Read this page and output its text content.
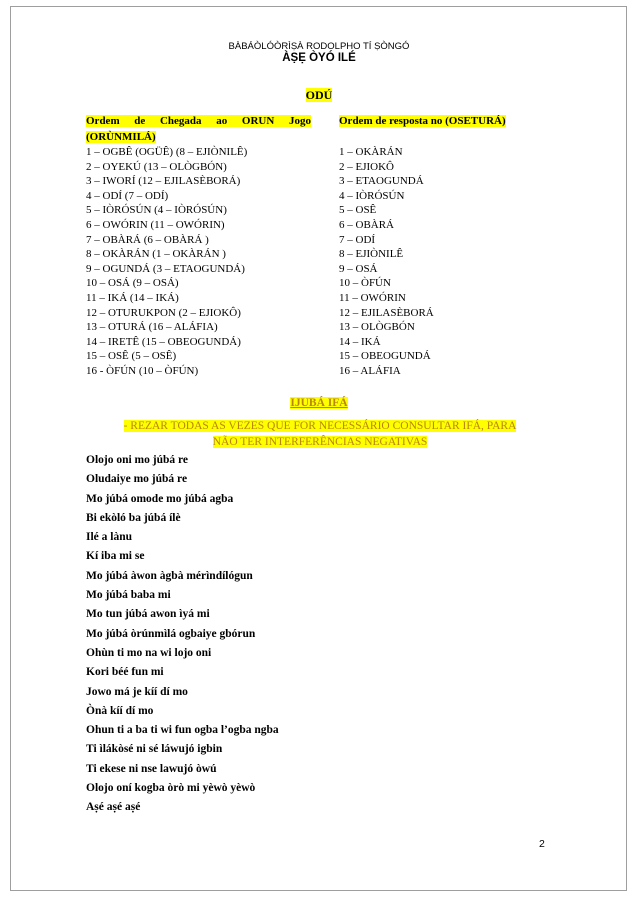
BÀBÁÒLÓÒRÌṢÀ RODOLPHO TÍ ṢÒNGÓ
ÀṢẸ ÒYÓ ILÉ
ODÚ
Ordem de Chegada ao ORUN Jogo (ORÙNMILÁ)
1 – OGBÊ (OGÜÊ) (8 – EJIÒNILÊ)
2 – OYEKÚ (13 – OLÒGBÓN)
3 – IWORÍ (12 – EJILASÈBORÁ)
4 – ODÍ (7 – ODÍ)
5 – IÒRÓSÚN (4 – IÒRÓSÚN)
6 – OWÓRIN (11 – OWÓRIN)
7 – OBÀRÁ (6 – OBÀRÁ )
8 – OKÀRÁN (1 – OKÀRÁN )
9 – OGUNDÁ (3 – ETAOGUNDÁ)
10 – OSÁ (9 – OSÁ)
11 – IKÁ (14 – IKÁ)
12 – OTURUKPON (2 – EJIOKÔ)
13 – OTURÁ (16 – ALÁFIA)
14 – IRETÊ (15 – OBEOGUNDÁ)
15 – OSÊ (5 – OSÊ)
16 - ÒFÚN (10 – ÒFÚN)
Ordem de resposta no (OSETURÁ)
1 – OKÀRÁN
2 – EJIOKÔ
3 – ETAOGUNDÁ
4 – IÒRÓSÚN
5 – OSÊ
6 – OBÀRÁ
7 – ODÍ
8 – EJIÒNILÊ
9 – OSÁ
10 – ÒFÚN
11 – OWÓRIN
12 – EJILASÈBORÁ
13 – OLÒGBÓN
14 – IKÁ
15 – OBEOGUNDÁ
16 – ALÁFIA
IJUBÁ IFÁ
- REZAR TODAS AS VEZES QUE FOR NECESSÁRIO CONSULTAR IFÁ, PARA
NÃO TER INTERFERÊNCIAS NEGATIVAS
Olojo oni mo júbá re
Oludaiye mo júbá re
Mo júbá omode mo júbá agba
Bi ekòló ba júbá ílè
Ilé a lànu
Kí iba mi se
Mo júbá àwon àgbà mérìndílógun
Mo júbá baba mi
Mo tun júbá awon ìyá mi
Mo júbá òrúnmìlá ogbaiye gbórun
Ohùn ti mo na wi lojo oni
Kori béé fun mi
Jowo má je kíí dí mo
Ònà kíí dí mo
Ohun ti a ba ti wi fun ogba l’ogba ngba
Ti ìlákòsé ni sé láwujó igbin
Ti ekese ni nse lawujó òwú
Olojo oní kogba òrò mi yèwò yèwò
Aṣé aṣé aṣé
2
